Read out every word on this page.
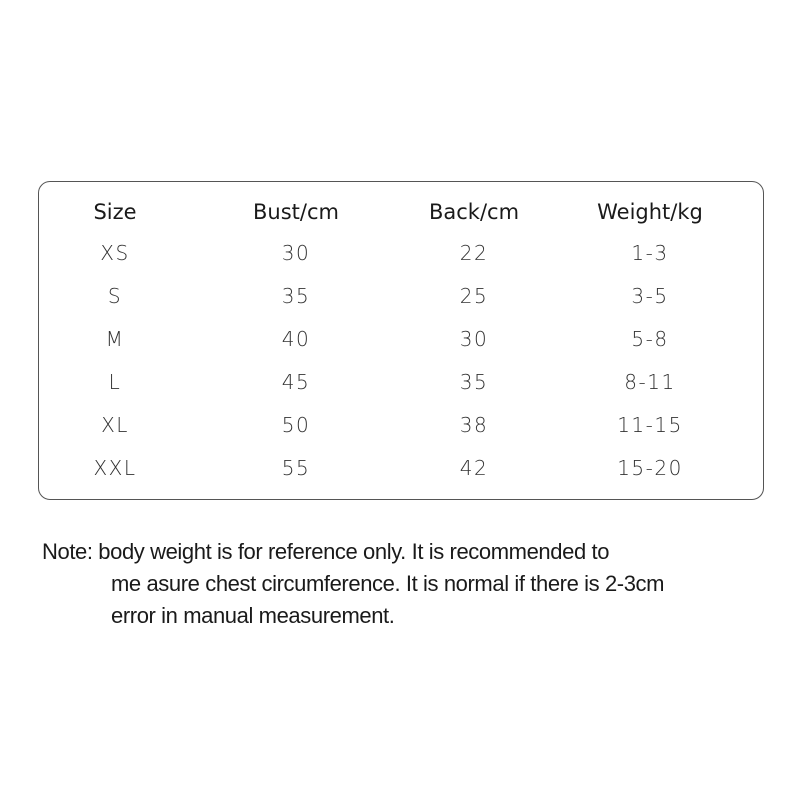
Size	Bust/cm	Back/cm	Weight/kg
XS	30	22	1-3
S	35	25	3-5
M	40	30	5-8
L	45	35	8-11
XL	50	38	11-15
XXL	55	42	15-20
Note: body weight is for reference only. It is recommended to
me asure chest circumference. It is normal if there is 2-3cm
error in manual measurement.
